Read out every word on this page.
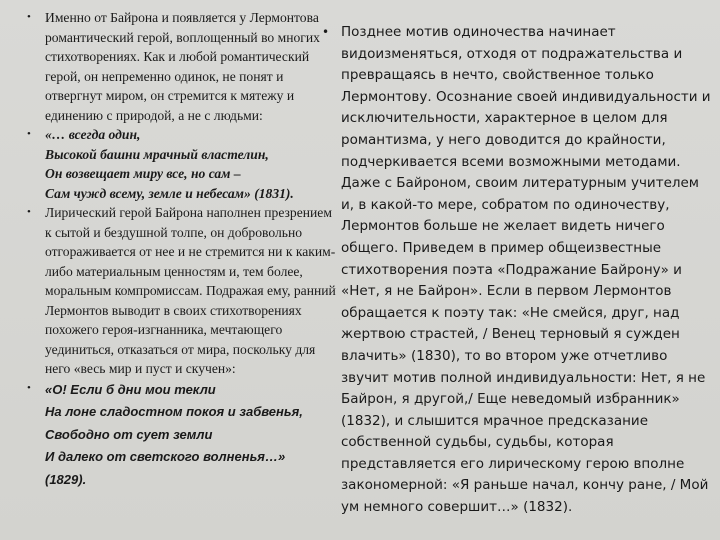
• Именно от Байрона и появляется у Лермонтова романтический герой, воплощенный во многих стихотворениях. Как и любой романтический герой, он непременно одинок, не понят и отвергнут миром, он стремится к мятежу и единению с природой, а не с людьми:

• «… всегда один,

Высокой башни мрачный властелин,

Он возвещает миру все, но сам –

Сам чужд всему, земле и небесам» (1831).

• Лирический герой Байрона наполнен презрением к сытой и бездушной толпе, он добровольно отгораживается от нее и не стремится ни к каким-либо материальным ценностям и, тем более, моральным компромиссам. Подражая ему, ранний Лермонтов выводит в своих стихотворениях похожего героя-изгнанника, мечтающего уединиться, отказаться от мира, поскольку для него «весь мир и пуст и скучен»:

• «О! Если б дни мои текли

На лоне сладостном покоя и забвенья,

Свободно от сует земли

И далеко от светского волненья…»

(1829).

• Позднее мотив одиночества начинает видоизменяться, отходя от подражательства и превращаясь в нечто, свойственное только Лермонтову. Осознание своей индивидуальности и исключительности, характерное в целом для романтизма, у него доводится до крайности, подчеркивается всеми возможными методами. Даже с Байроном, своим литературным учителем и, в какой-то мере, собратом по одиночеству, Лермонтов больше не желает видеть ничего общего. Приведем в пример общеизвестные стихотворения поэта «Подражание Байрону» и «Нет, я не Байрон». Если в первом Лермонтов обращается к поэту так: «Не смейся, друг, над жертвою страстей, / Венец терновый я сужден влачить» (1830), то во втором уже отчетливо звучит мотив полной индивидуальности: Нет, я не Байрон, я другой,/ Еще неведомый избранник» (1832), и слышится мрачное предсказание собственной судьбы, судьбы, которая представляется его лирическому герою вполне закономерной: «Я раньше начал, кончу ране, / Мой ум немного совершит…» (1832).
